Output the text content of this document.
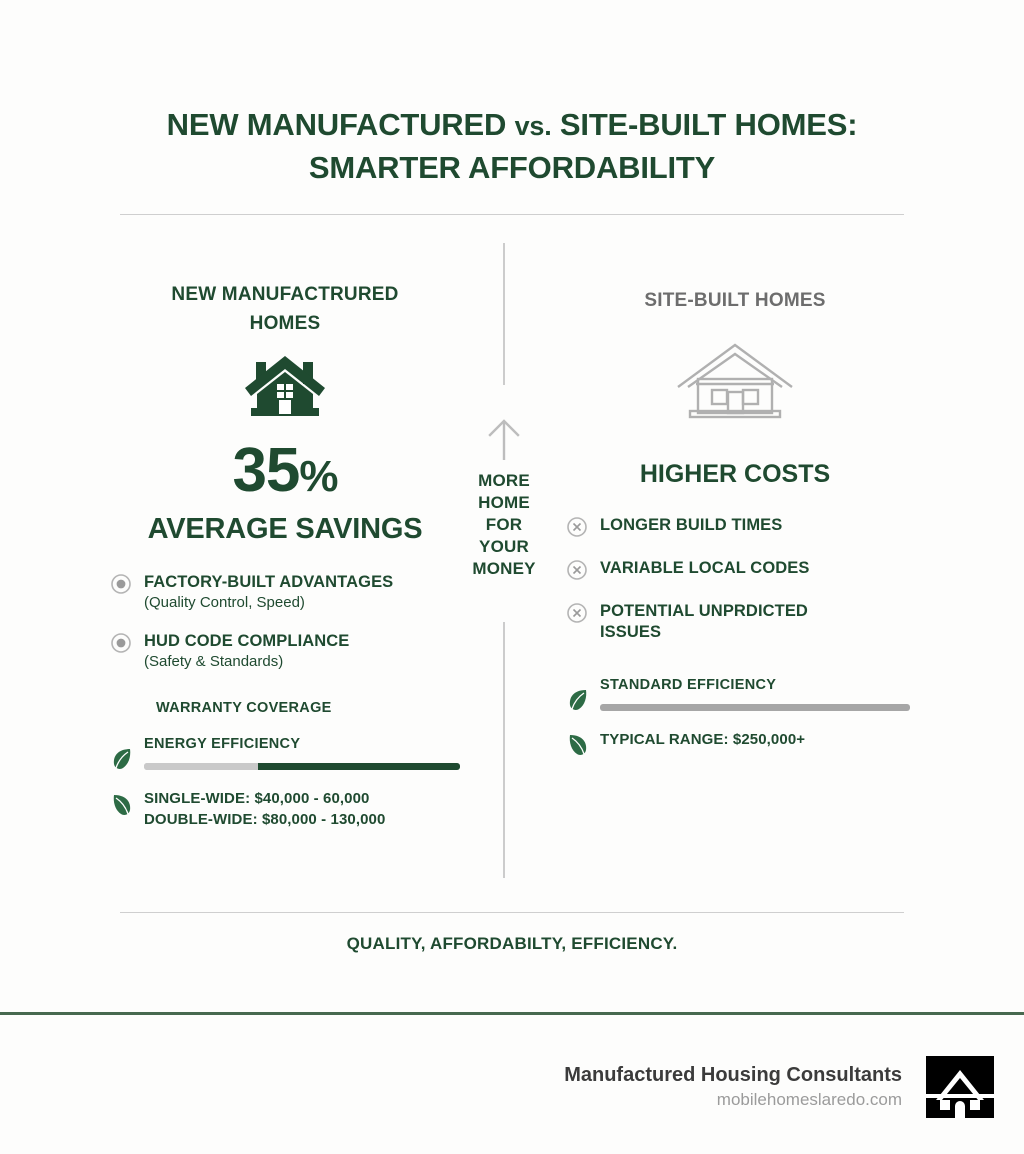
NEW MANUFACTURED vs. SITE-BUILT HOMES:
SMARTER AFFORDABILITY
MORE
HOME
FOR
YOUR
MONEY
NEW MANUFACTRURED
HOMES
35%
AVERAGE SAVINGS
FACTORY-BUILT ADVANTAGES
(Quality Control, Speed)
HUD CODE COMPLIANCE
(Safety & Standards)
WARRANTY COVERAGE
ENERGY EFFICIENCY
SINGLE-WIDE: $40,000 - 60,000
DOUBLE-WIDE: $80,000 - 130,000
SITE-BUILT HOMES
HIGHER COSTS
LONGER BUILD TIMES
VARIABLE LOCAL CODES
POTENTIAL UNPRDICTED
ISSUES
STANDARD EFFICIENCY
TYPICAL RANGE: $250,000+
QUALITY, AFFORDABILTY, EFFICIENCY.
Manufactured Housing Consultants
mobilehomeslaredo.com
